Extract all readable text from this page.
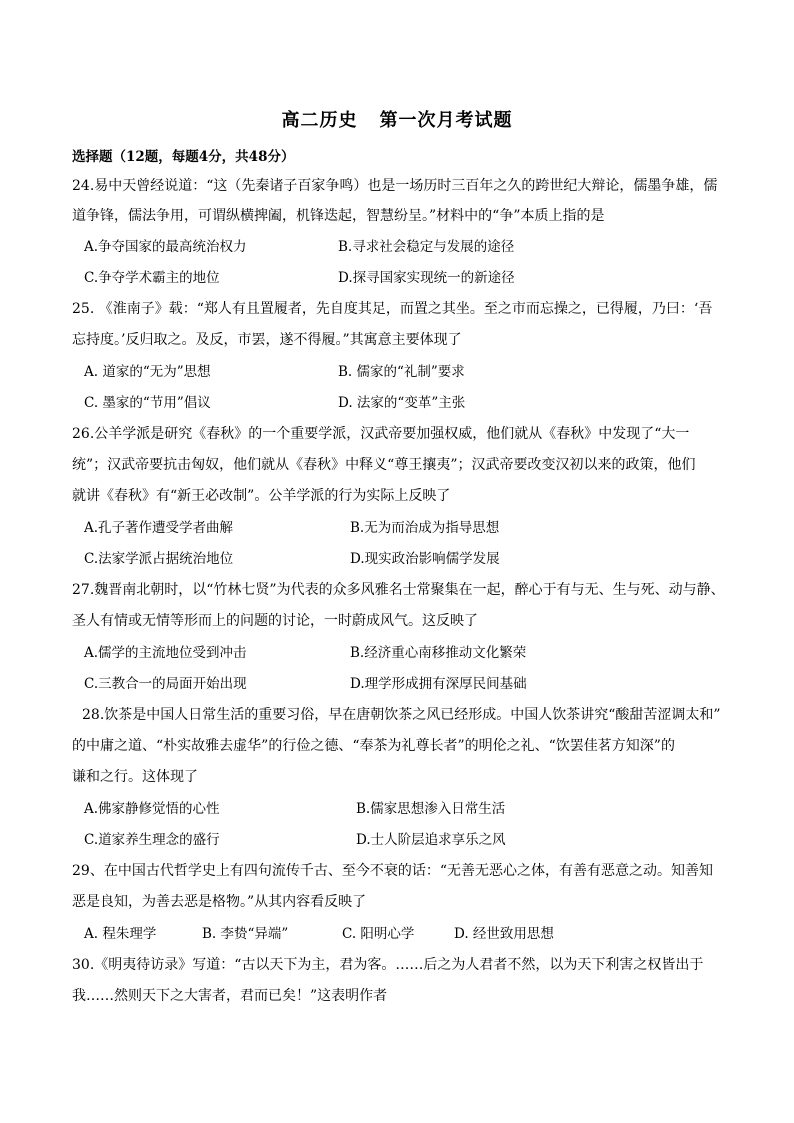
高二历史 第一次月考试题
选择题（12题，每题4分，共48分）
24.易中天曾经说道：“这（先秦诸子百家争鸣）也是一场历时三百年之久的跨世纪大辩论，儒墨争雄，儒
道争锋，儒法争用，可谓纵横捭阖，机锋迭起，智慧纷呈。”材料中的“争”本质上指的是
A.争夺国家的最高统治权力	B.寻求社会稳定与发展的途径
C.争夺学术霸主的地位	D.探寻国家实现统一的新途径
25. 《淮南子》载：“郑人有且置履者，先自度其足，而置之其坐。至之市而忘操之，已得履，乃曰：‘吾
忘持度。’反归取之。及反，市罢，遂不得履。”其寓意主要体现了
A. 道家的“无为”思想	B. 儒家的“礼制”要求
C. 墨家的“节用”倡议	D. 法家的“变革”主张
26.公羊学派是研究《春秋》的一个重要学派，汉武帝要加强权威，他们就从《春秋》中发现了“大一
统”；汉武帝要抗击匈奴，他们就从《春秋》中释义“尊王攘夷”；汉武帝要改变汉初以来的政策，他们
就讲《春秋》有“新王必改制”。公羊学派的行为实际上反映了
A.孔子著作遭受学者曲解	B.无为而治成为指导思想
C.法家学派占据统治地位	D.现实政治影响儒学发展
27.魏晋南北朝时，以“竹林七贤”为代表的众多风雅名士常聚集在一起，醉心于有与无、生与死、动与静、
圣人有情或无情等形而上的问题的讨论，一时蔚成风气。这反映了
A.儒学的主流地位受到冲击	B.经济重心南移推动文化繁荣
C.三教合一的局面开始出现	D.理学形成拥有深厚民间基础
28.饮茶是中国人日常生活的重要习俗，早在唐朝饮茶之风已经形成。中国人饮茶讲究“酸甜苦涩调太和”
的中庸之道、“朴实故雅去虚华”的行俭之德、“奉茶为礼尊长者”的明伦之礼、“饮罢佳茗方知深”的
谦和之行。这体现了
A.佛家静修觉悟的心性	B.儒家思想渗入日常生活
C.道家养生理念的盛行	D.士人阶层追求享乐之风
29、在中国古代哲学史上有四句流传千古、至今不衰的话：“无善无恶心之体，有善有恶意之动。知善知
恶是良知，为善去恶是格物。”从其内容看反映了
A. 程朱理学	B. 李贽“异端”	C. 阳明心学	D. 经世致用思想
30.《明夷待访录》写道：“古以天下为主，君为客。……后之为人君者不然，以为天下利害之权皆出于
我……然则天下之大害者，君而已矣！”这表明作者
